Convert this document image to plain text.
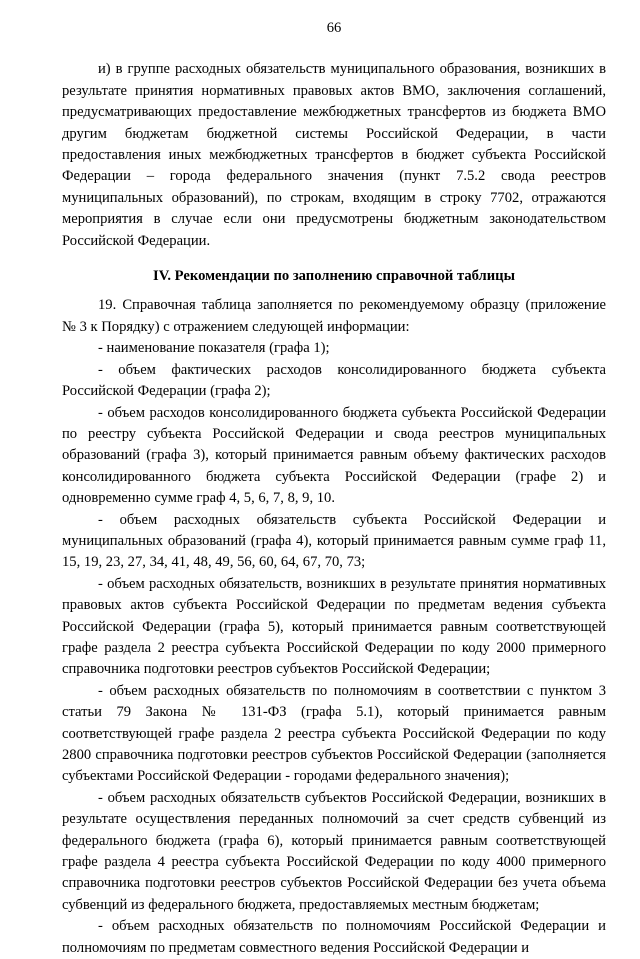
66

и) в группе расходных обязательств муниципального образования, возникших в результате принятия нормативных правовых актов ВМО, заключения соглашений, предусматривающих предоставление межбюджетных трансфертов из бюджета ВМО другим бюджетам бюджетной системы Российской Федерации, в части предоставления иных межбюджетных трансфертов в бюджет субъекта Российской Федерации – города федерального значения (пункт 7.5.2 свода реестров муниципальных образований), по строкам, входящим в строку 7702, отражаются мероприятия в случае если они предусмотрены бюджетным законодательством Российской Федерации.

IV. Рекомендации по заполнению справочной таблицы

19. Справочная таблица заполняется по рекомендуемому образцу (приложение № 3 к Порядку) с отражением следующей информации:

- наименование показателя (графа 1);

- объем фактических расходов консолидированного бюджета субъекта Российской Федерации (графа 2);

- объем расходов консолидированного бюджета субъекта Российской Федерации по реестру субъекта Российской Федерации и свода реестров муниципальных образований (графа 3), который принимается равным объему фактических расходов консолидированного бюджета субъекта Российской Федерации (графе 2) и одновременно сумме граф 4, 5, 6, 7, 8, 9, 10.

- объем расходных обязательств субъекта Российской Федерации и муниципальных образований (графа 4), который принимается равным сумме граф 11, 15, 19, 23, 27, 34, 41, 48, 49, 56, 60, 64, 67, 70, 73;

- объем расходных обязательств, возникших в результате принятия нормативных правовых актов субъекта Российской Федерации по предметам ведения субъекта Российской Федерации (графа 5), который принимается равным соответствующей графе раздела 2 реестра субъекта Российской Федерации по коду 2000 примерного справочника подготовки реестров субъектов Российской Федерации;

- объем расходных обязательств по полномочиям в соответствии с пунктом 3 статьи 79 Закона № 131-ФЗ (графа 5.1), который принимается равным соответствующей графе раздела 2 реестра субъекта Российской Федерации по коду 2800 справочника подготовки реестров субъектов Российской Федерации (заполняется субъектами Российской Федерации - городами федерального значения);

- объем расходных обязательств субъектов Российской Федерации, возникших в результате осуществления переданных полномочий за счет средств субвенций из федерального бюджета (графа 6), который принимается равным соответствующей графе раздела 4 реестра субъекта Российской Федерации по коду 4000 примерного справочника подготовки реестров субъектов Российской Федерации без учета объема субвенций из федерального бюджета, предоставляемых местным бюджетам;

- объем расходных обязательств по полномочиям Российской Федерации и полномочиям по предметам совместного ведения Российской Федерации и
